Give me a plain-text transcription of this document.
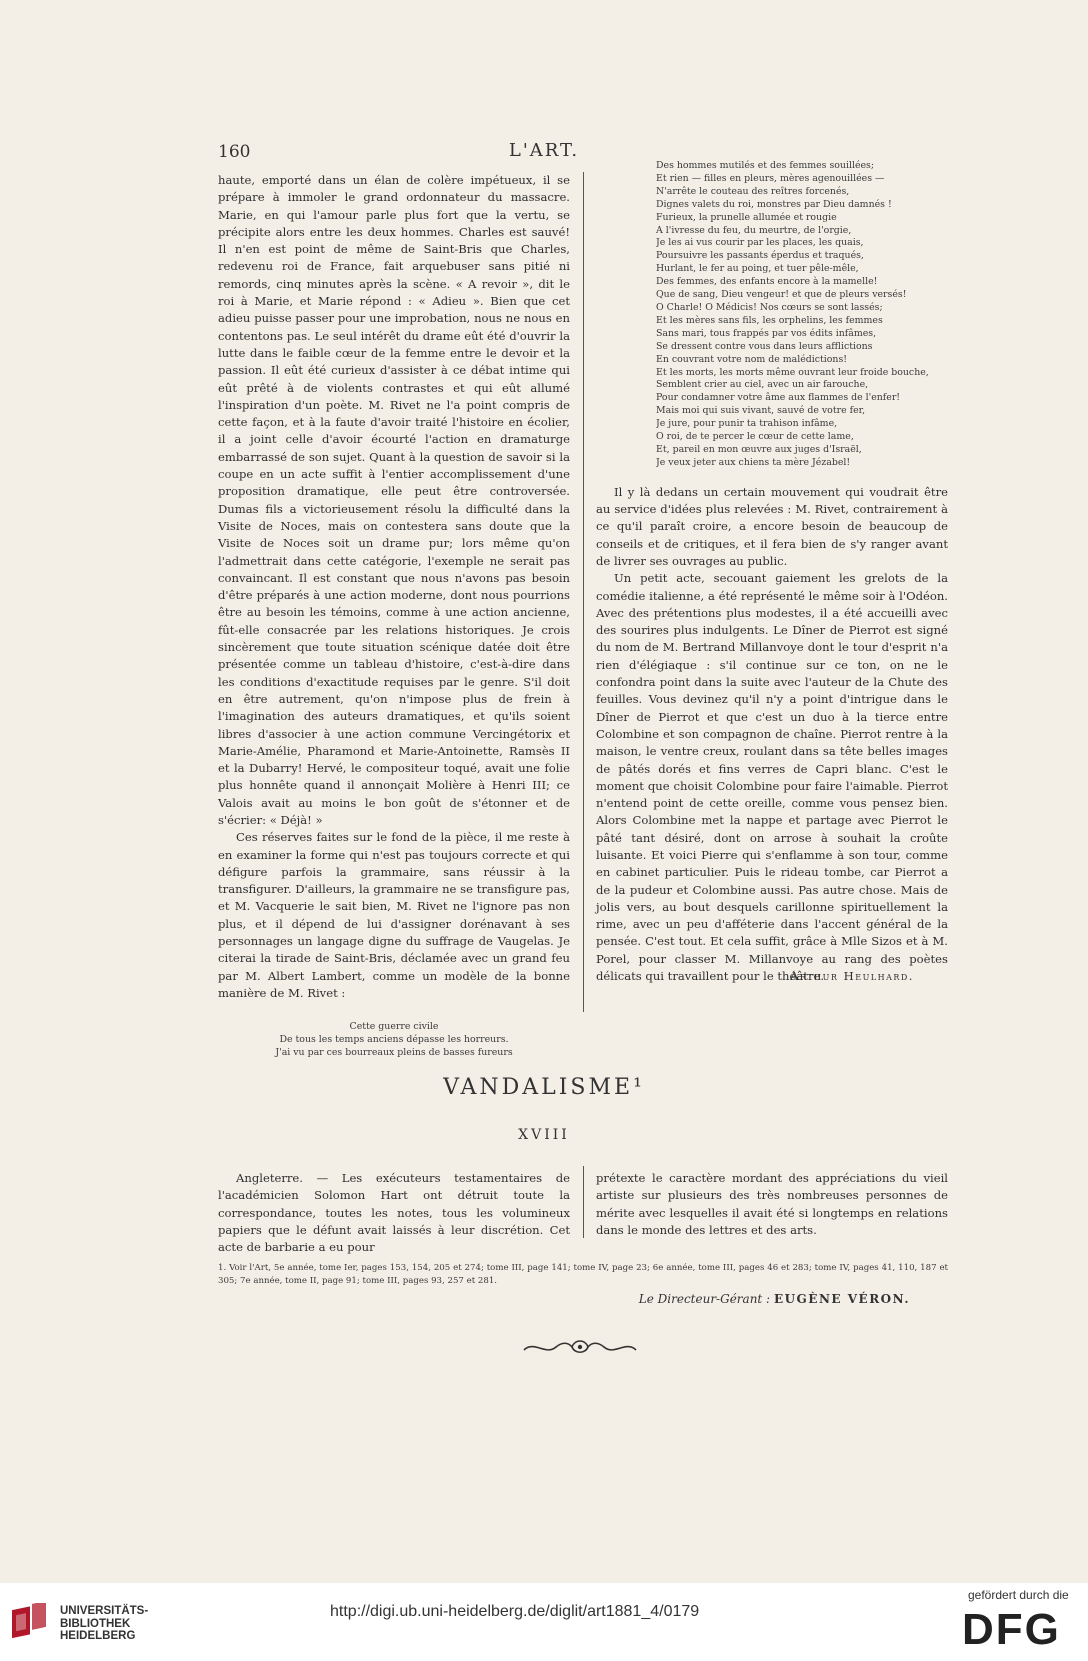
160	L'ART.

haute, emporté dans un élan de colère impétueux, il se prépare à immoler le grand ordonnateur du massacre. Marie, en qui l'amour parle plus fort que la vertu, se précipite alors entre les deux hommes. Charles est sauvé! Il n'en est point de même de Saint-Bris que Charles, redevenu roi de France, fait arquebuser sans pitié ni remords, cinq minutes après la scène. « A revoir », dit le roi à Marie, et Marie répond : « Adieu ». Bien que cet adieu puisse passer pour une improbation, nous ne nous en contentons pas. Le seul intérêt du drame eût été d'ouvrir la lutte dans le faible cœur de la femme entre le devoir et la passion. Il eût été curieux d'assister à ce débat intime qui eût prêté à de violents contrastes et qui eût allumé l'inspiration d'un poète. M. Rivet ne l'a point compris de cette façon, et à la faute d'avoir traité l'histoire en écolier, il a joint celle d'avoir écourté l'action en dramaturge embarrassé de son sujet. Quant à la question de savoir si la coupe en un acte suffit à l'entier accomplissement d'une proposition dramatique, elle peut être controversée. Dumas fils a victorieusement résolu la difficulté dans la Visite de Noces, mais on contestera sans doute que la Visite de Noces soit un drame pur; lors même qu'on l'admettrait dans cette catégorie, l'exemple ne serait pas convaincant. Il est constant que nous n'avons pas besoin d'être préparés à une action moderne, dont nous pourrions être au besoin les témoins, comme à une action ancienne, fût-elle consacrée par les relations historiques. Je crois sincèrement que toute situation scénique datée doit être présentée comme un tableau d'histoire, c'est-à-dire dans les conditions d'exactitude requises par le genre. S'il doit en être autrement, qu'on n'impose plus de frein à l'imagination des auteurs dramatiques, et qu'ils soient libres d'associer à une action commune Vercingétorix et Marie-Amélie, Pharamond et Marie-Antoinette, Ramsès II et la Dubarry! Hervé, le compositeur toqué, avait une folie plus honnête quand il annonçait Molière à Henri III; ce Valois avait au moins le bon goût de s'étonner et de s'écrier: « Déjà! »

Ces réserves faites sur le fond de la pièce, il me reste à en examiner la forme qui n'est pas toujours correcte et qui défigure parfois la grammaire, sans réussir à la transfigurer. D'ailleurs, la grammaire ne se transfigure pas, et M. Vacquerie le sait bien, M. Rivet ne l'ignore pas non plus, et il dépend de lui d'assigner dorénavant à ses personnages un langage digne du suffrage de Vaugelas. Je citerai la tirade de Saint-Bris, déclamée avec un grand feu par M. Albert Lambert, comme un modèle de la bonne manière de M. Rivet :

Cette guerre civile
De tous les temps anciens dépasse les horreurs.
J'ai vu par ces bourreaux pleins de basses fureurs
Des hommes mutilés et des femmes souillées;
Et rien — filles en pleurs, mères agenouillées —
N'arrête le couteau des reîtres forcenés,
Dignes valets du roi, monstres par Dieu damnés !
Furieux, la prunelle allumée et rougie
A l'ivresse du feu, du meurtre, de l'orgie,
Je les ai vus courir par les places, les quais,
Poursuivre les passants éperdus et traqués,
Hurlant, le fer au poing, et tuer pêle-mêle,
Des femmes, des enfants encore à la mamelle!
Que de sang, Dieu vengeur! et que de pleurs versés!
O Charle! O Médicis! Nos cœurs se sont lassés;
Et les mères sans fils, les orphelins, les femmes
Sans mari, tous frappés par vos édits infâmes,
Se dressent contre vous dans leurs afflictions
En couvrant votre nom de malédictions!
Et les morts, les morts même ouvrant leur froide bouche,
Semblent crier au ciel, avec un air farouche,
Pour condamner votre âme aux flammes de l'enfer!
Mais moi qui suis vivant, sauvé de votre fer,
Je jure, pour punir ta trahison infâme,
O roi, de te percer le cœur de cette lame,
Et, pareil en mon œuvre aux juges d'Israël,
Je veux jeter aux chiens ta mère Jézabel!

Il y là dedans un certain mouvement qui voudrait être au service d'idées plus relevées : M. Rivet, contrairement à ce qu'il paraît croire, a encore besoin de beaucoup de conseils et de critiques, et il fera bien de s'y ranger avant de livrer ses ouvrages au public.

Un petit acte, secouant gaiement les grelots de la comédie italienne, a été représenté le même soir à l'Odéon. Avec des prétentions plus modestes, il a été accueilli avec des sourires plus indulgents. Le Dîner de Pierrot est signé du nom de M. Bertrand Millanvoye dont le tour d'esprit n'a rien d'élégiaque : s'il continue sur ce ton, on ne le confondra point dans la suite avec l'auteur de la Chute des feuilles. Vous devinez qu'il n'y a point d'intrigue dans le Dîner de Pierrot et que c'est un duo à la tierce entre Colombine et son compagnon de chaîne. Pierrot rentre à la maison, le ventre creux, roulant dans sa tête belles images de pâtés dorés et fins verres de Capri blanc. C'est le moment que choisit Colombine pour faire l'aimable. Pierrot n'entend point de cette oreille, comme vous pensez bien. Alors Colombine met la nappe et partage avec Pierrot le pâté tant désiré, dont on arrose à souhait la croûte luisante. Et voici Pierre qui s'enflamme à son tour, comme en cabinet particulier. Puis le rideau tombe, car Pierrot a de la pudeur et Colombine aussi. Pas autre chose. Mais de jolis vers, au bout desquels carillonne spirituellement la rime, avec un peu d'afféterie dans l'accent général de la pensée. C'est tout. Et cela suffit, grâce à Mlle Sizos et à M. Porel, pour classer M. Millanvoye au rang des poètes délicats qui travaillent pour le théâtre.

Arthur Heulhard.
VANDALISME¹
XVIII

Angleterre. — Les exécuteurs testamentaires de l'académicien Solomon Hart ont détruit toute la correspondance, toutes les notes, tous les volumineux papiers que le défunt avait laissés à leur discrétion. Cet acte de barbarie a eu pour

prétexte le caractère mordant des appréciations du vieil artiste sur plusieurs des très nombreuses personnes de mérite avec lesquelles il avait été si longtemps en relations dans le monde des lettres et des arts.

1. Voir l'Art, 5e année, tome Ier, pages 153, 154, 205 et 274; tome III, page 141; tome IV, page 23; 6e année, tome III, pages 46 et 283; tome IV, pages 41, 110, 187 et 305; 7e année, tome II, page 91; tome III, pages 93, 257 et 281.
Le Directeur-Gérant : EUGÈNE VÉRON.
UNIVERSITÄTS-
BIBLIOTHEK
HEIDELBERG
http://digi.ub.uni-heidelberg.de/diglit/art1881_4/0179
gefördert durch die
DFG
